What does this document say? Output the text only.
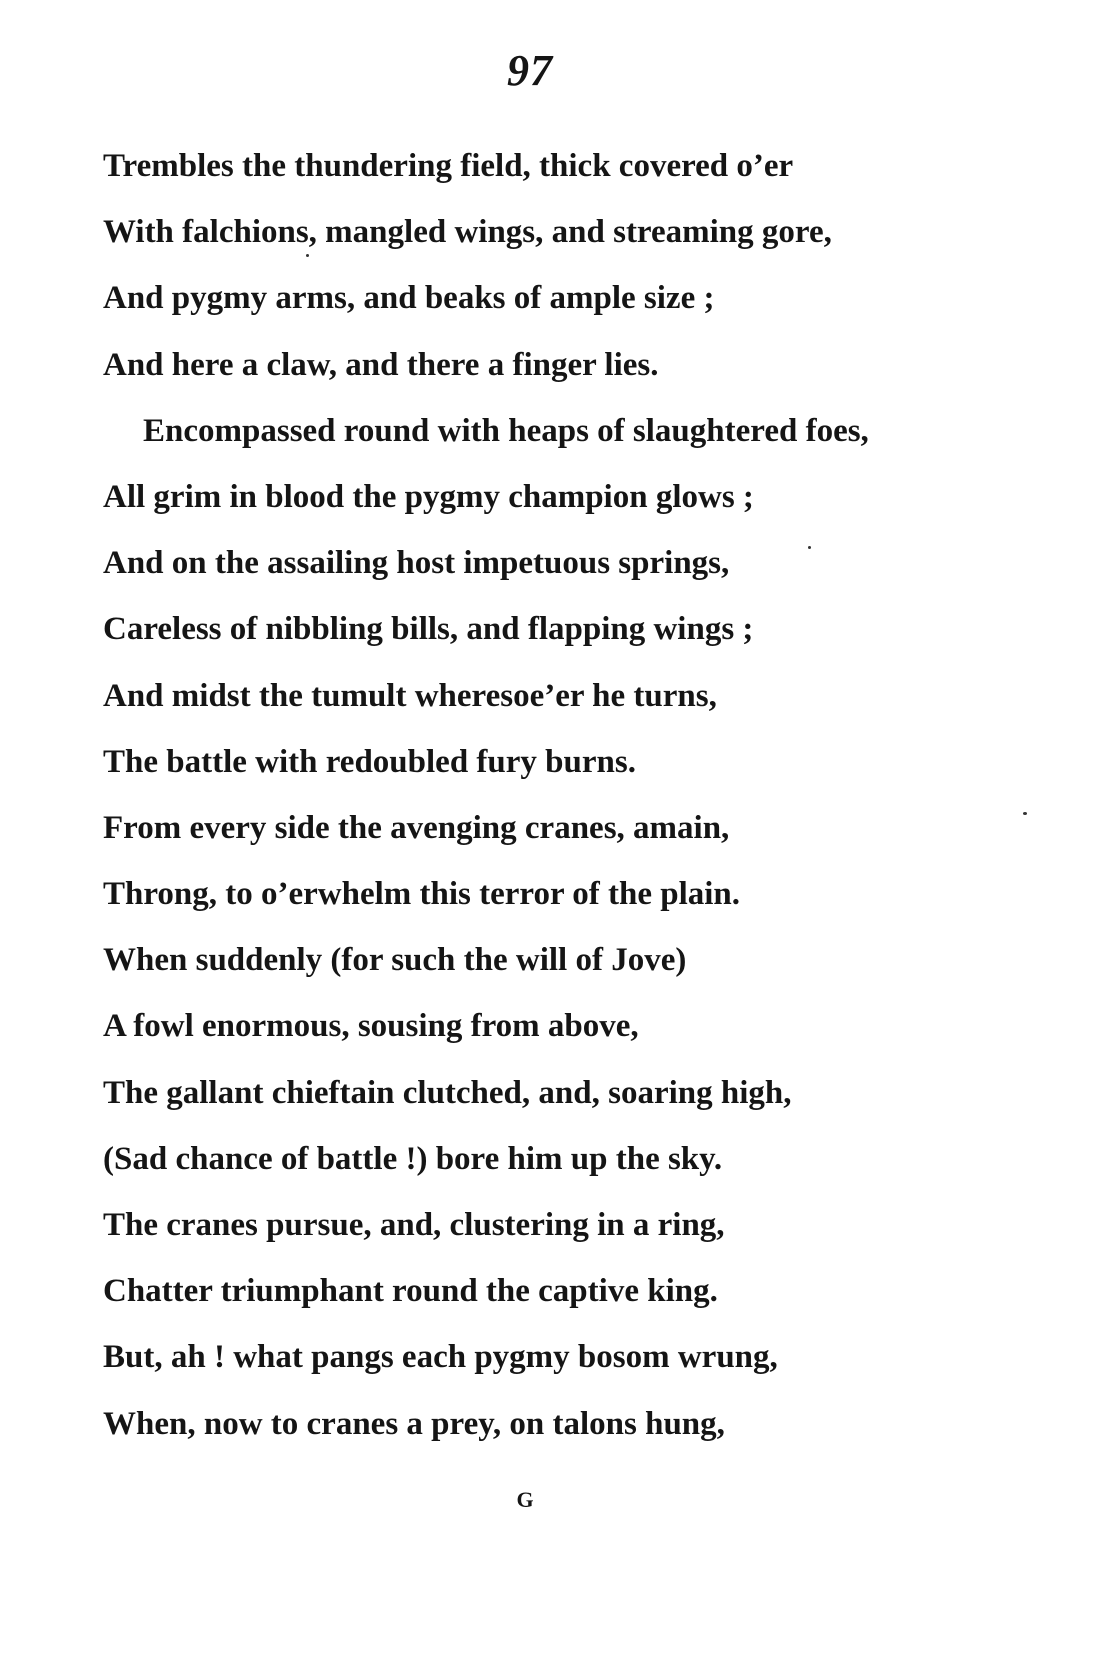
97
Trembles the thundering field, thick covered o’er
With falchions, mangled wings, and streaming gore,
And pygmy arms, and beaks of ample size ;
And here a claw, and there a finger lies.
Encompassed round with heaps of slaughtered foes,
All grim in blood the pygmy champion glows ;
And on the assailing host impetuous springs,
Careless of nibbling bills, and flapping wings ;
And midst the tumult wheresoe’er he turns,
The battle with redoubled fury burns.
From every side the avenging cranes, amain,
Throng, to o’erwhelm this terror of the plain.
When suddenly (for such the will of Jove)
A fowl enormous, sousing from above,
The gallant chieftain clutched, and, soaring high,
(Sad chance of battle !) bore him up the sky.
The cranes pursue, and, clustering in a ring,
Chatter triumphant round the captive king.
But, ah ! what pangs each pygmy bosom wrung,
When, now to cranes a prey, on talons hung,
G
